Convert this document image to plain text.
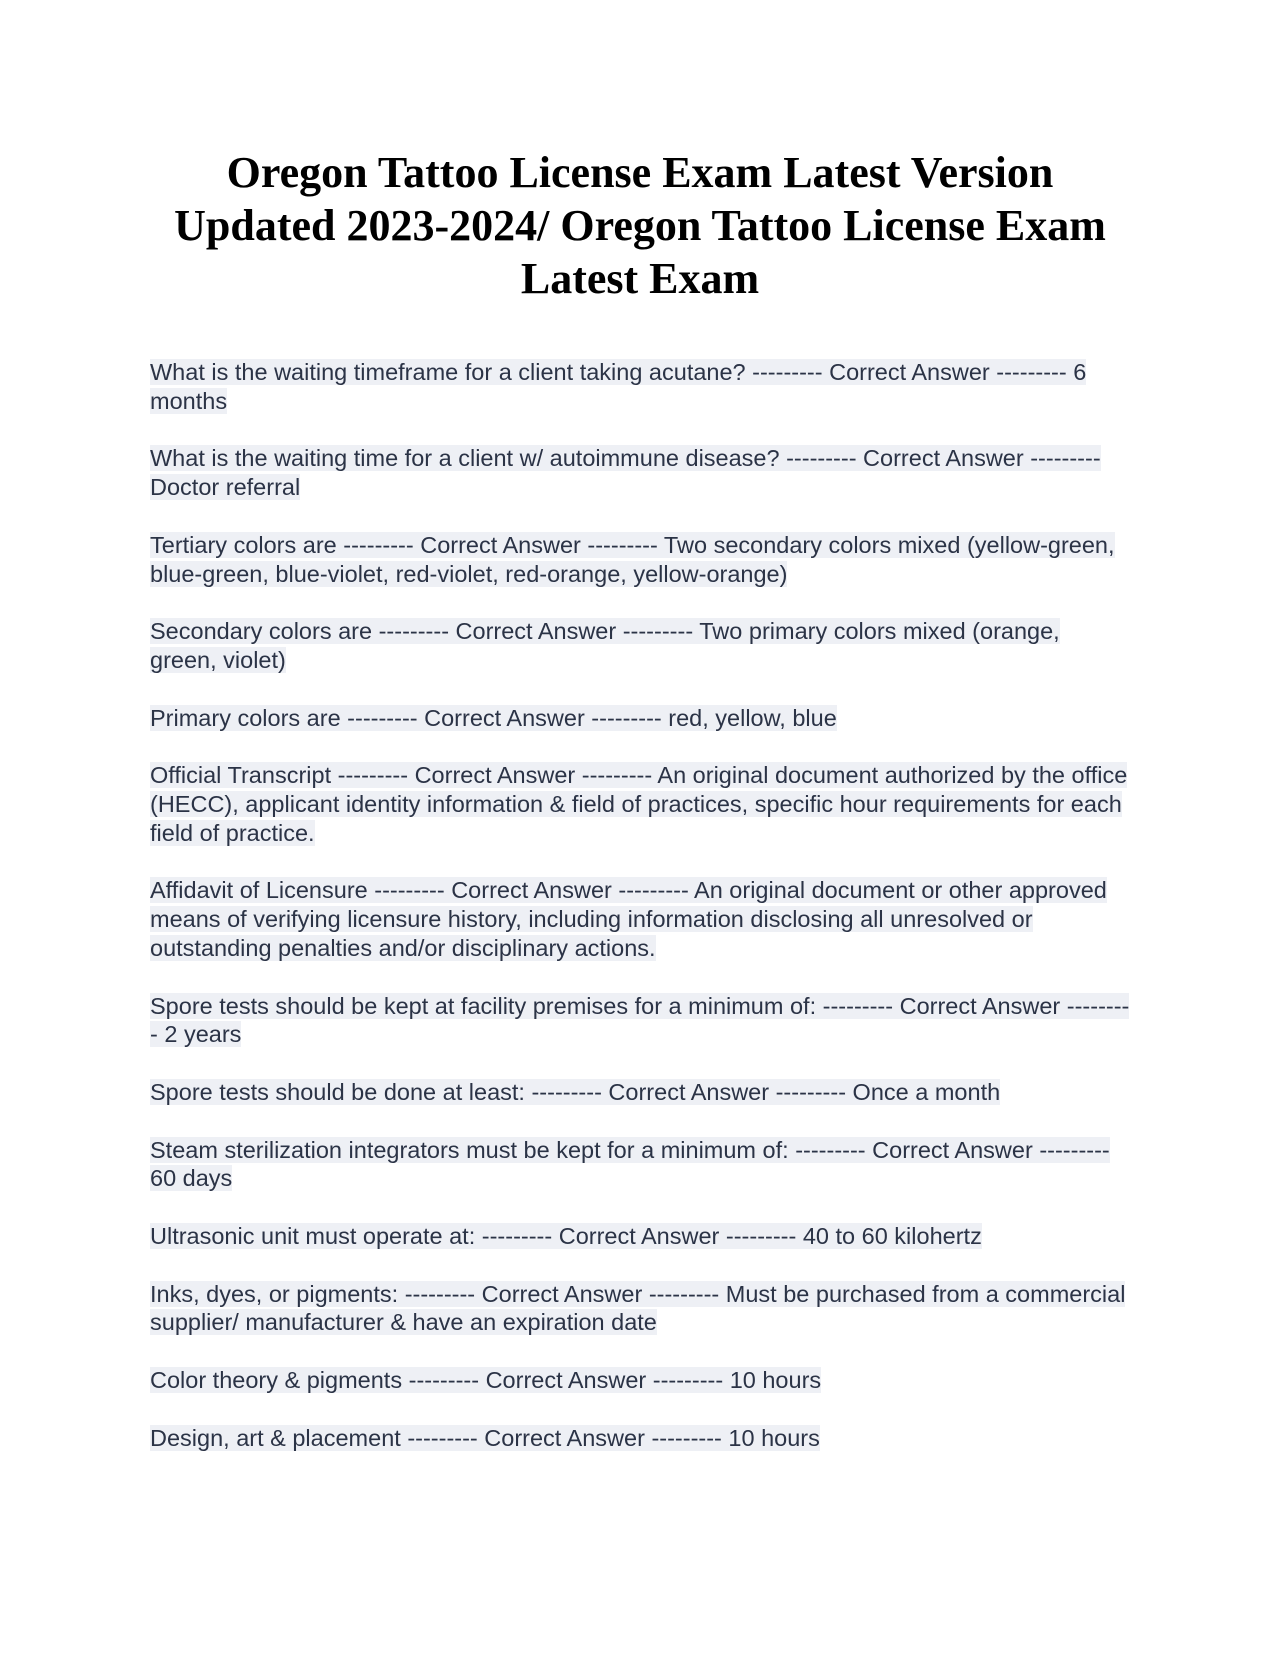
Oregon Tattoo License Exam Latest Version Updated 2023-2024/ Oregon Tattoo License Exam Latest Exam
What is the waiting timeframe for a client taking acutane? --------- Correct Answer --------- 6 months
What is the waiting time for a client w/ autoimmune disease? --------- Correct Answer --------- Doctor referral
Tertiary colors are --------- Correct Answer --------- Two secondary colors mixed (yellow-green, blue-green, blue-violet, red-violet, red-orange, yellow-orange)
Secondary colors are --------- Correct Answer --------- Two primary colors mixed (orange, green, violet)
Primary colors are --------- Correct Answer --------- red, yellow, blue
Official Transcript --------- Correct Answer --------- An original document authorized by the office (HECC), applicant identity information & field of practices, specific hour requirements for each field of practice.
Affidavit of Licensure --------- Correct Answer --------- An original document or other approved means of verifying licensure history, including information disclosing all unresolved or outstanding penalties and/or disciplinary actions.
Spore tests should be kept at facility premises for a minimum of: --------- Correct Answer --------- 2 years
Spore tests should be done at least: --------- Correct Answer --------- Once a month
Steam sterilization integrators must be kept for a minimum of: --------- Correct Answer --------- 60 days
Ultrasonic unit must operate at: --------- Correct Answer --------- 40 to 60 kilohertz
Inks, dyes, or pigments: --------- Correct Answer --------- Must be purchased from a commercial supplier/ manufacturer & have an expiration date
Color theory & pigments --------- Correct Answer --------- 10 hours
Design, art & placement --------- Correct Answer --------- 10 hours
